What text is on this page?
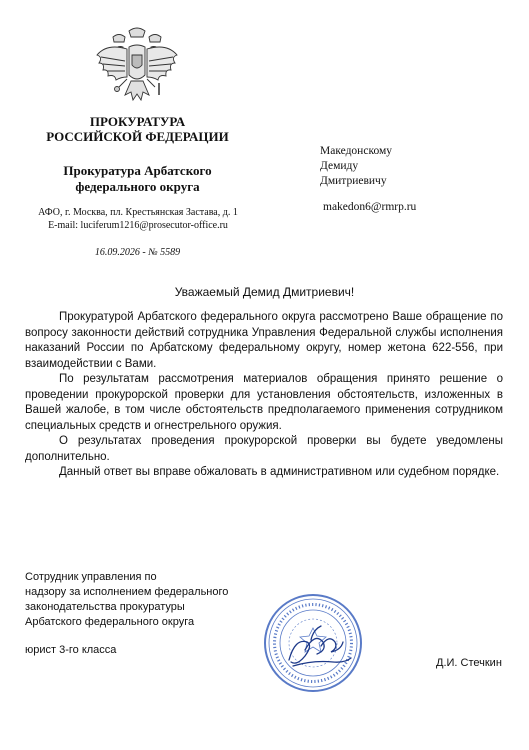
ПРОКУРАТУРА
РОССИЙСКОЙ ФЕДЕРАЦИИ
Прокуратура Арбатского
федерального округа
АФО, г. Москва, пл. Крестьянская Застава, д. 1
E-mail: luciferum1216@prosecutor-office.ru
16.09.2026 - № 5589
Македонскому
Демиду
Дмитриевичу
makedon6@rmrp.ru
Уважаемый Демид Дмитриевич!

Прокуратурой Арбатского федерального округа рассмотрено Ваше обращение по вопросу законности действий сотрудника Управления Федеральной службы исполнения наказаний России по Арбатскому федеральному округу, номер жетона 622-556, при взаимодействии с Вами.

По результатам рассмотрения материалов обращения принято решение о проведении прокурорской проверки для установления обстоятельств, изложенных в Вашей жалобе, в том числе обстоятельств предполагаемого применения сотрудником специальных средств и огнестрельного оружия.

О результатах проведения прокурорской проверки вы будете уведомлены дополнительно.

Данный ответ вы вправе обжаловать в административном или судебном порядке.

Сотрудник управления по
надзору за исполнением федерального
законодательства прокуратуры
Арбатского федерального округа
юрист 3-го класса
Д.И. Стечкин
